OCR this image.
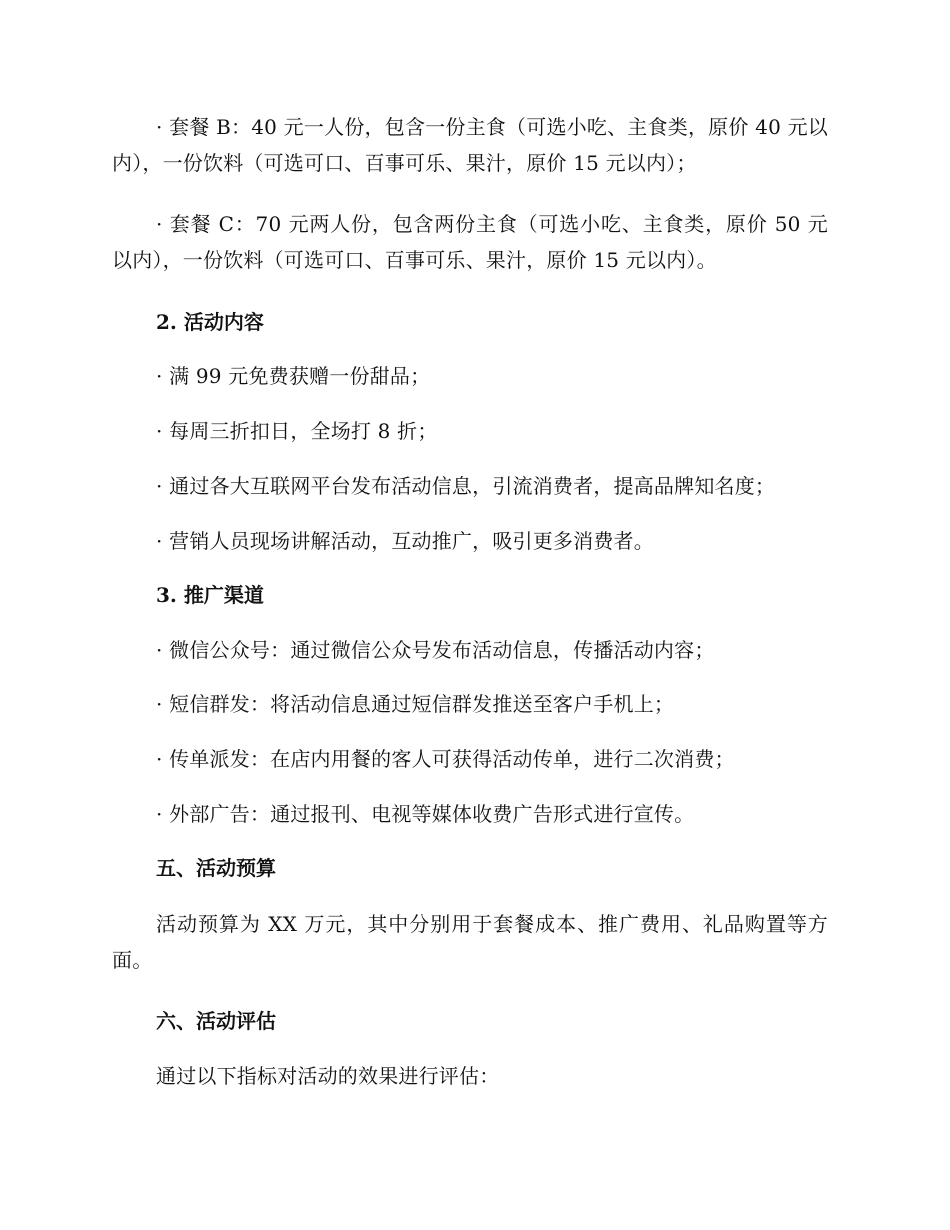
· 套餐 B：40 元一人份，包含一份主食（可选小吃、主食类，原价 40 元以内），一份饮料（可选可口、百事可乐、果汁，原价 15 元以内）；

· 套餐 C：70 元两人份，包含两份主食（可选小吃、主食类，原价 50 元以内），一份饮料（可选可口、百事可乐、果汁，原价 15 元以内）。

2. 活动内容

· 满 99 元免费获赠一份甜品；

· 每周三折扣日，全场打 8 折；

· 通过各大互联网平台发布活动信息，引流消费者，提高品牌知名度；

· 营销人员现场讲解活动，互动推广，吸引更多消费者。

3. 推广渠道

· 微信公众号：通过微信公众号发布活动信息，传播活动内容；

· 短信群发：将活动信息通过短信群发推送至客户手机上；

· 传单派发：在店内用餐的客人可获得活动传单，进行二次消费；

· 外部广告：通过报刊、电视等媒体收费广告形式进行宣传。

五、活动预算

活动预算为 XX 万元，其中分别用于套餐成本、推广费用、礼品购置等方面。

六、活动评估

通过以下指标对活动的效果进行评估：
